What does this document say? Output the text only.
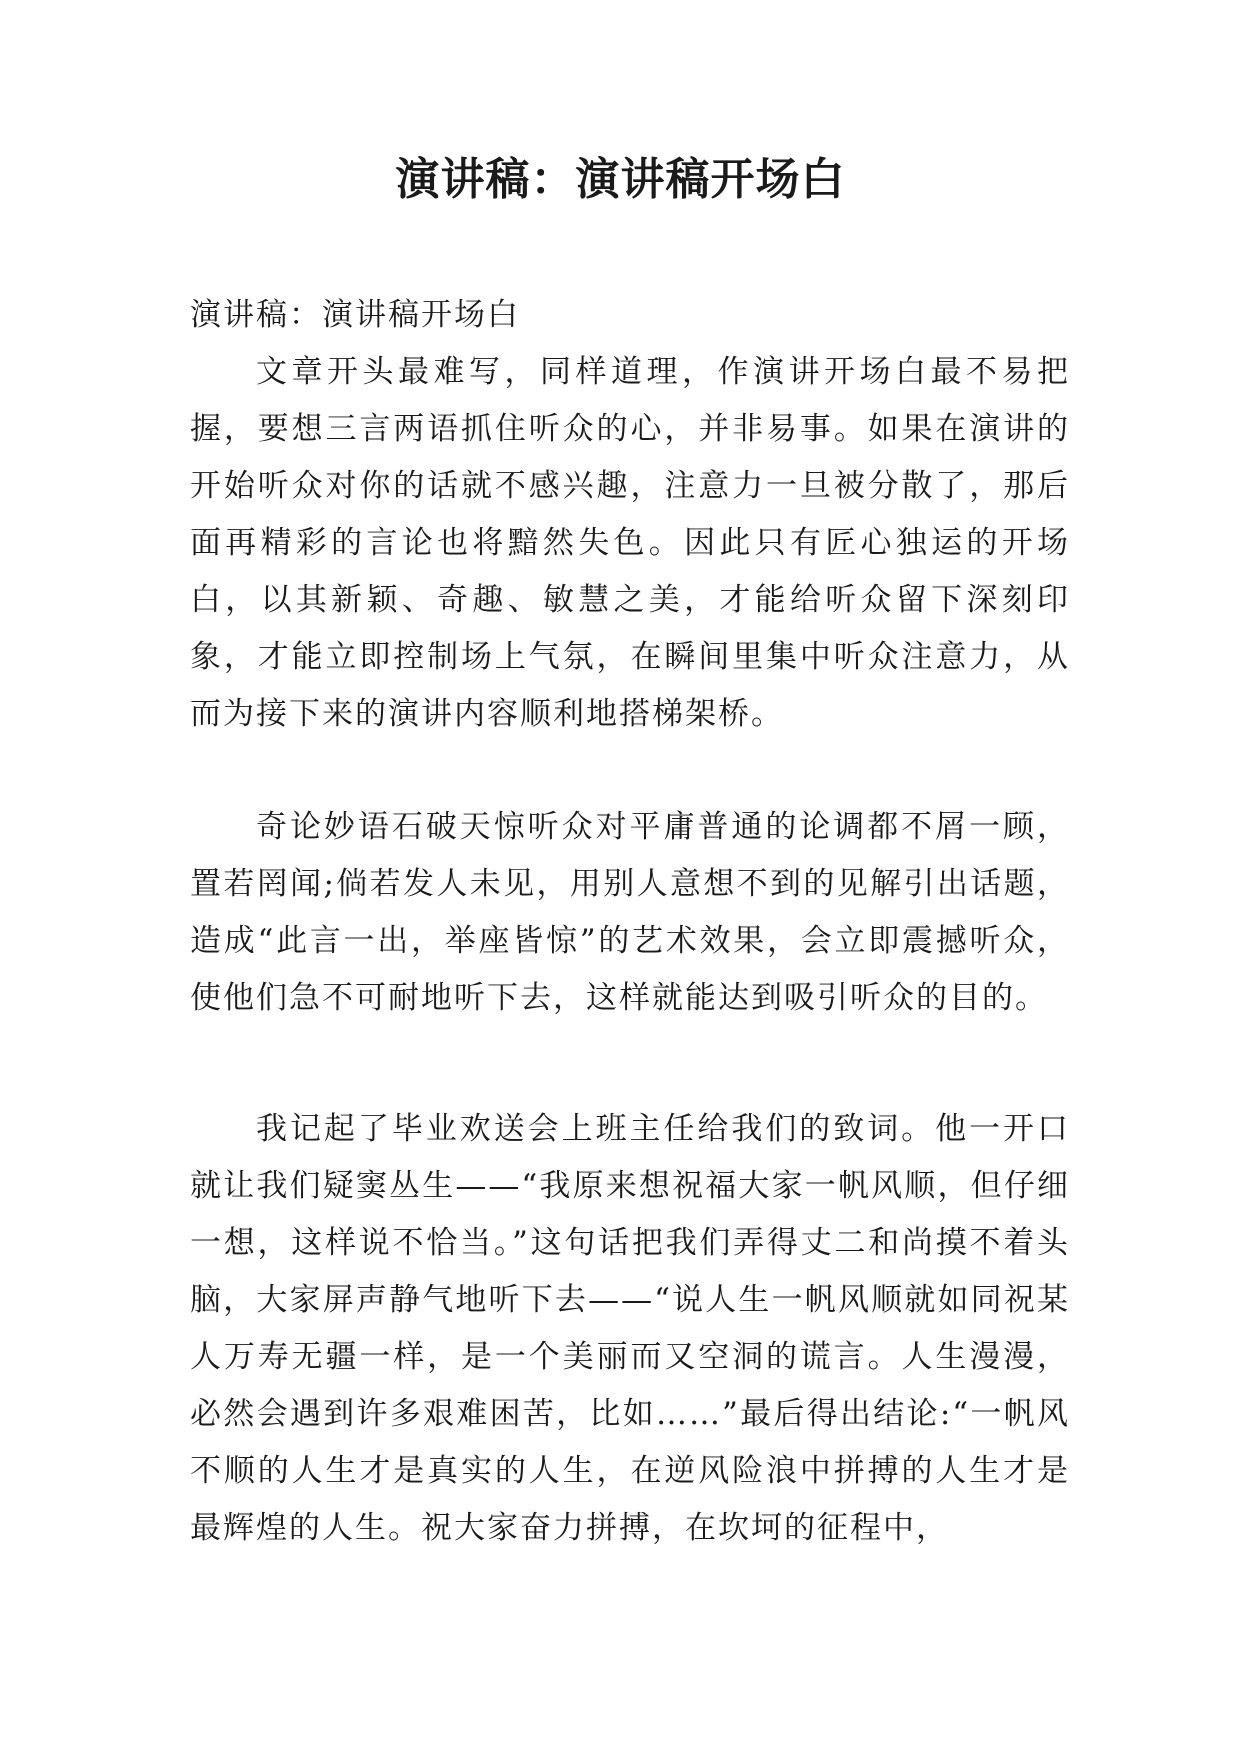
演讲稿：演讲稿开场白

演讲稿：演讲稿开场白

文章开头最难写，同样道理，作演讲开场白最不易把握，要想三言两语抓住听众的心，并非易事。如果在演讲的开始听众对你的话就不感兴趣，注意力一旦被分散了，那后面再精彩的言论也将黯然失色。因此只有匠心独运的开场白，以其新颖、奇趣、敏慧之美，才能给听众留下深刻印象，才能立即控制场上气氛，在瞬间里集中听众注意力，从而为接下来的演讲内容顺利地搭梯架桥。

奇论妙语石破天惊听众对平庸普通的论调都不屑一顾，置若罔闻;倘若发人未见，用别人意想不到的见解引出话题，造成“此言一出，举座皆惊”的艺术效果，会立即震撼听众，使他们急不可耐地听下去，这样就能达到吸引听众的目的。

我记起了毕业欢送会上班主任给我们的致词。他一开口就让我们疑窦丛生——“我原来想祝福大家一帆风顺，但仔细一想，这样说不恰当。”这句话把我们弄得丈二和尚摸不着头脑，大家屏声静气地听下去——“说人生一帆风顺就如同祝某人万寿无疆一样，是一个美丽而又空洞的谎言。人生漫漫，必然会遇到许多艰难困苦，比如……”最后得出结论:“一帆风不顺的人生才是真实的人生，在逆风险浪中拼搏的人生才是最辉煌的人生。祝大家奋力拼搏，在坎坷的征程中，
